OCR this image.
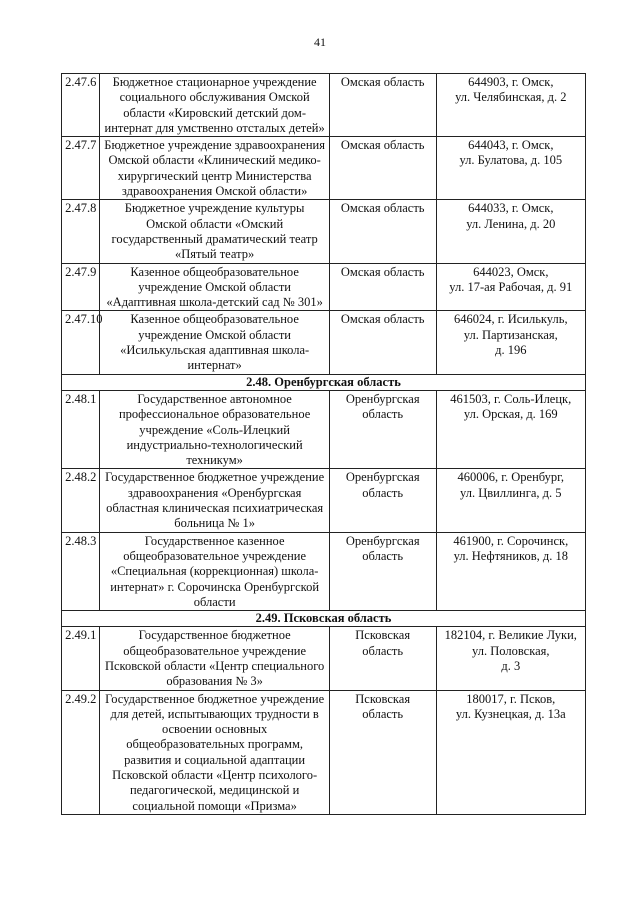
41
2.47.6	Бюджетное стационарное учреждение социального обслуживания Омской области «Кировский детский дом-интернат для умственно отсталых детей»	Омская область	644903, г. Омск,
ул. Челябинская, д. 2
2.47.7	Бюджетное учреждение здравоохранения Омской области «Клинический медико-хирургический центр Министерства здравоохранения Омской области»	Омская область	644043, г. Омск,
ул. Булатова, д. 105
2.47.8	Бюджетное учреждение культуры Омской области «Омский государственный драматический театр «Пятый театр»	Омская область	644033, г. Омск,
ул. Ленина, д. 20
2.47.9	Казенное общеобразовательное учреждение Омской области «Адаптивная школа-детский сад № 301»	Омская область	644023, Омск,
ул. 17-ая Рабочая, д. 91
2.47.10	Казенное общеобразовательное учреждение Омской области «Исилькульская адаптивная школа-интернат»	Омская область	646024, г. Исилькуль,
ул. Партизанская,
д. 196
2.48. Оренбургская область			
2.48.1	Государственное автономное профессиональное образовательное учреждение «Соль-Илецкий индустриально-технологический техникум»	Оренбургская
область	461503, г. Соль-Илецк,
ул. Орская, д. 169
2.48.2	Государственное бюджетное учреждение здравоохранения «Оренбургская областная клиническая психиатрическая больница № 1»	Оренбургская
область	460006, г. Оренбург,
ул. Цвиллинга, д. 5
2.48.3	Государственное казенное общеобразовательное учреждение «Специальная (коррекционная) школа-интернат» г. Сорочинска Оренбургской области	Оренбургская
область	461900, г. Сорочинск,
ул. Нефтяников, д. 18
2.49. Псковская область			
2.49.1	Государственное бюджетное общеобразовательное учреждение Псковской области «Центр специального образования № 3»	Псковская
область	182104, г. Великие Луки,
ул. Половская,
д. 3
2.49.2	Государственное бюджетное учреждение для детей, испытывающих трудности в освоении основных общеобразовательных программ, развития и социальной адаптации Псковской области «Центр психолого-педагогической, медицинской и социальной помощи «Призма»	Псковская
область	180017, г. Псков,
ул. Кузнецкая, д. 13а
